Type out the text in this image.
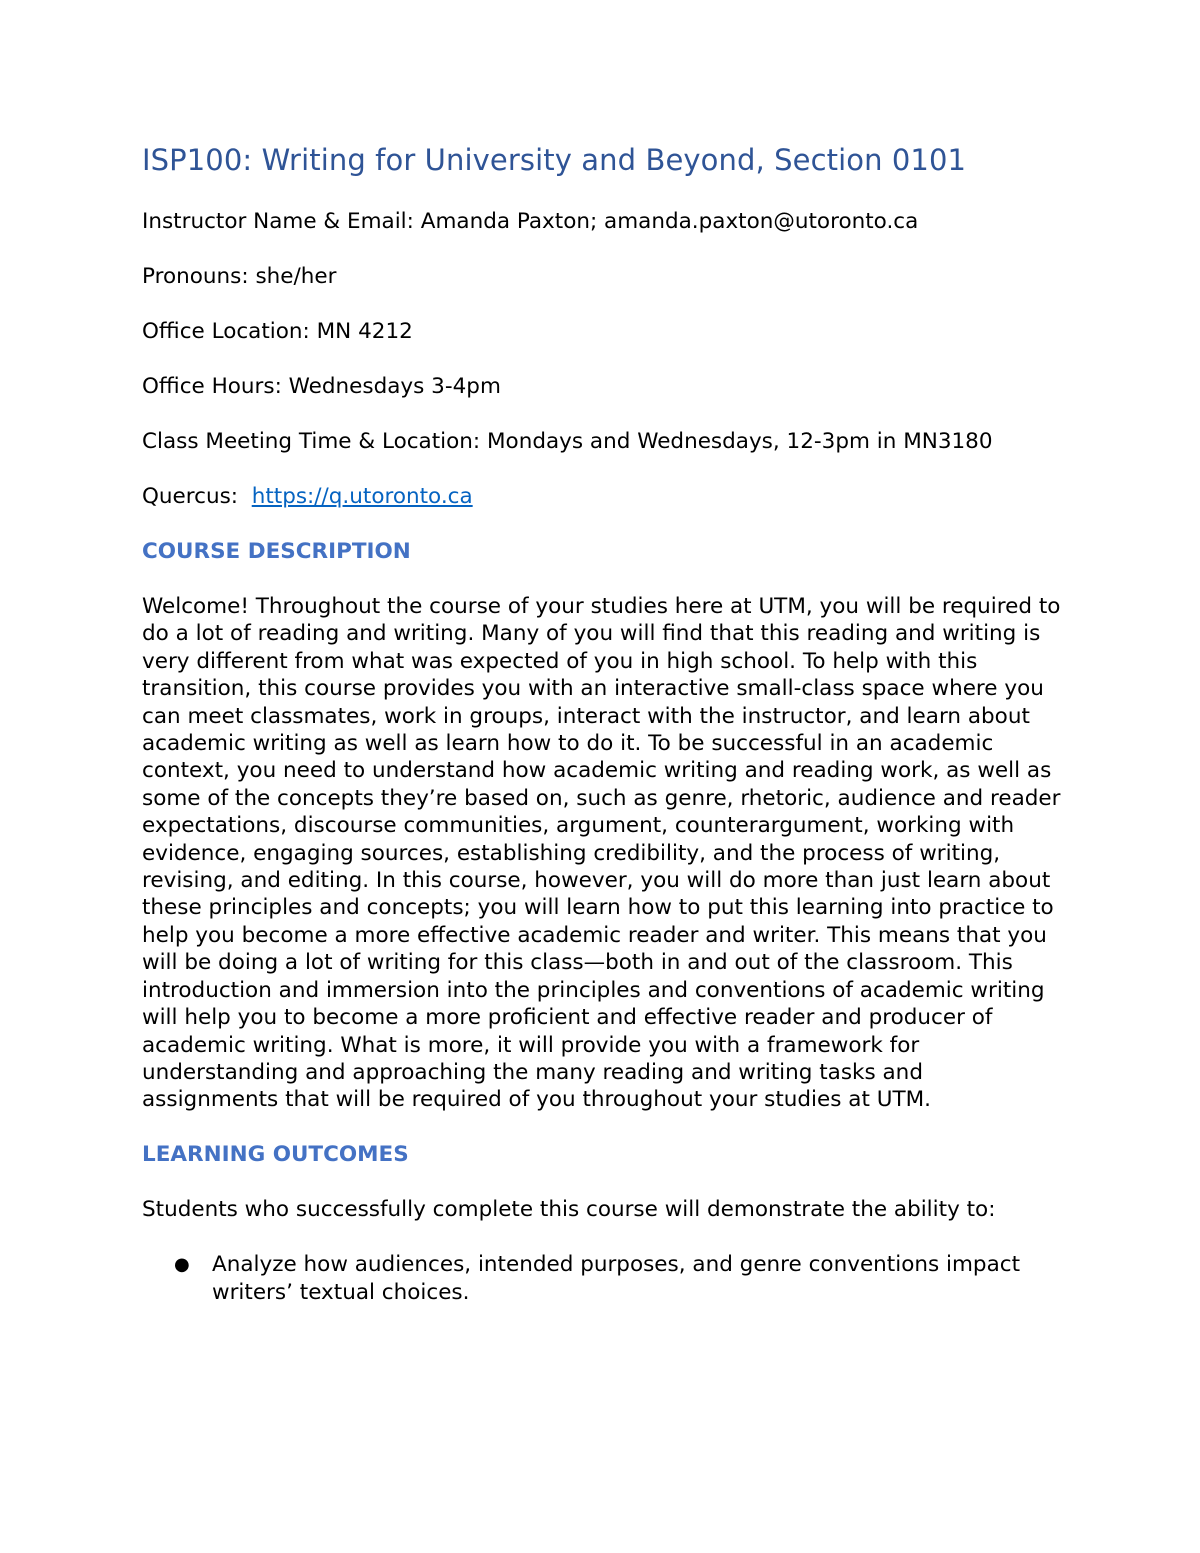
ISP100: Writing for University and Beyond, Section 0101
Instructor Name & Email: Amanda Paxton; amanda.paxton@utoronto.ca
Pronouns: she/her
Office Location: MN 4212
Office Hours: Wednesdays 3-4pm
Class Meeting Time & Location: Mondays and Wednesdays, 12-3pm in MN3180
Quercus: https://q.utoronto.ca
COURSE DESCRIPTION

Welcome! Throughout the course of your studies here at UTM, you will be required to do a lot of reading and writing. Many of you will find that this reading and writing is very different from what was expected of you in high school. To help with this transition, this course provides you with an interactive small-class space where you can meet classmates, work in groups, interact with the instructor, and learn about academic writing as well as learn how to do it. To be successful in an academic context, you need to understand how academic writing and reading work, as well as some of the concepts they’re based on, such as genre, rhetoric, audience and reader expectations, discourse communities, argument, counterargument, working with evidence, engaging sources, establishing credibility, and the process of writing, revising, and editing. In this course, however, you will do more than just learn about these principles and concepts; you will learn how to put this learning into practice to help you become a more effective academic reader and writer. This means that you will be doing a lot of writing for this class—both in and out of the classroom. This introduction and immersion into the principles and conventions of academic writing will help you to become a more proficient and effective reader and producer of academic writing. What is more, it will provide you with a framework for understanding and approaching the many reading and writing tasks and assignments that will be required of you throughout your studies at UTM.

LEARNING OUTCOMES

Students who successfully complete this course will demonstrate the ability to:

● Analyze how audiences, intended purposes, and genre conventions impact writers’ textual choices.
